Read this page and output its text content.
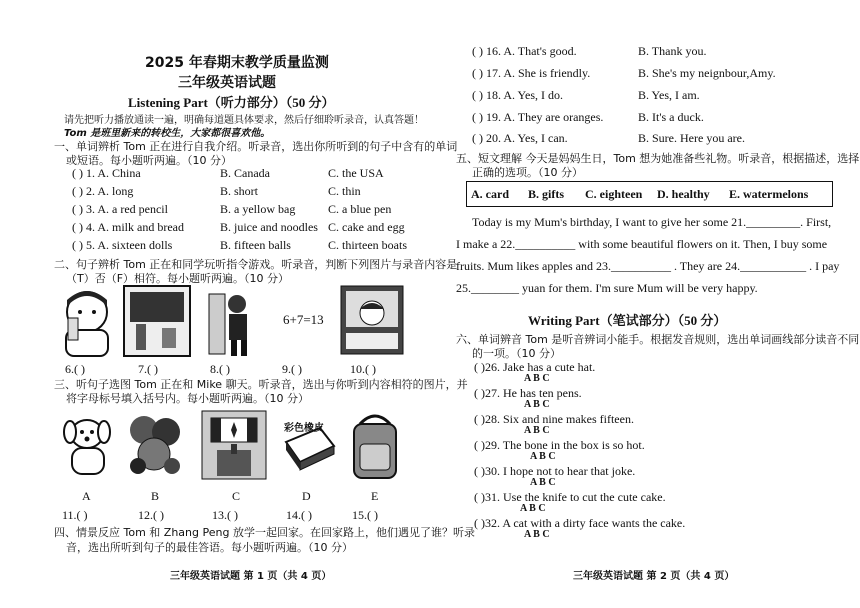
2025 年春期末教学质量监测
三年级英语试题
Listening Part（听力部分）（50 分）
请先把听力播放通读一遍，明确每道题具体要求，然后仔细聆听录音，认真答题！
Tom 是班里新来的转校生，大家都很喜欢他。
一、单词辨析 Tom 正在进行自我介绍。听录音，选出你所听到的句子中含有的单词
或短语。每小题听两遍。（10 分）
( ) 1. A. China	B. Canada	C. the USA
( ) 2. A. long	B. short	C. thin
( ) 3. A. a red pencil	B. a yellow bag	C. a blue pen
( ) 4. A. milk and bread	B. juice and noodles C. cake and egg
( ) 5. A. sixteen dolls	B. fifteen balls	C. thirteen boats
二、句子辨析 Tom 正在和同学玩听指令游戏。听录音，判断下列图片与录音内容是
（T）否（F）相符。每小题听两遍。（10 分）
6+7=13
6.( )	7.( )	8.( )	9.( )	10.( )
三、听句子选图 Tom 正在和 Mike 聊天。听录音，选出与你听到内容相符的图片，并
将字母标号填入括号内。每小题听两遍。（10 分）
彩色橡皮
A	B	C	D	E
11.( )	12.( )	13.( )	14.( )	15.( )
四、情景反应 Tom 和 Zhang Peng 放学一起回家。在回家路上，他们遇见了谁？听录
音，选出所听到句子的最佳答语。每小题听两遍。（10 分）
三年级英语试题 第 1 页（共 4 页）
( ) 16. A. That's good.	B. Thank you.
( ) 17. A. She is friendly.	B. She's my neignbour,Amy.
( ) 18. A. Yes, I do.	B. Yes, I am.
( ) 19. A. They are oranges.	B. It's a duck.
( ) 20. A. Yes, I can.	B. Sure. Here you are.
五、短文理解 今天是妈妈生日，Tom 想为她准备些礼物。听录音，根据描述，选择
正确的选项。（10 分）
A. card B. gifts C. eighteen D. healthy E. watermelons
Today is my Mum's birthday, I want to give her some 21._________. First,
I make a 22.__________ with some beautiful flowers on it. Then, I buy some
fruits. Mum likes apples and 23.__________ . They are 24.___________ . I pay
25.________ yuan for them. I'm sure Mum will be very happy.
Writing Part（笔试部分）（50 分）
六、单词辨音 Tom 是听音辨词小能手。根据发音规则，选出单词画线部分读音不同
的一项。（10 分）
( )26. Jake has a cute hat.
A B C
( )27. He has ten pens.
A B C
( )28. Six and nine makes fifteen.
A B C
( )29. The bone in the box is so hot.
A B C
( )30. I hope not to hear that joke.
A B C
( )31. Use the knife to cut the cute cake.
A B C
( )32. A cat with a dirty face wants the cake.
A B C
三年级英语试题 第 2 页（共 4 页）
